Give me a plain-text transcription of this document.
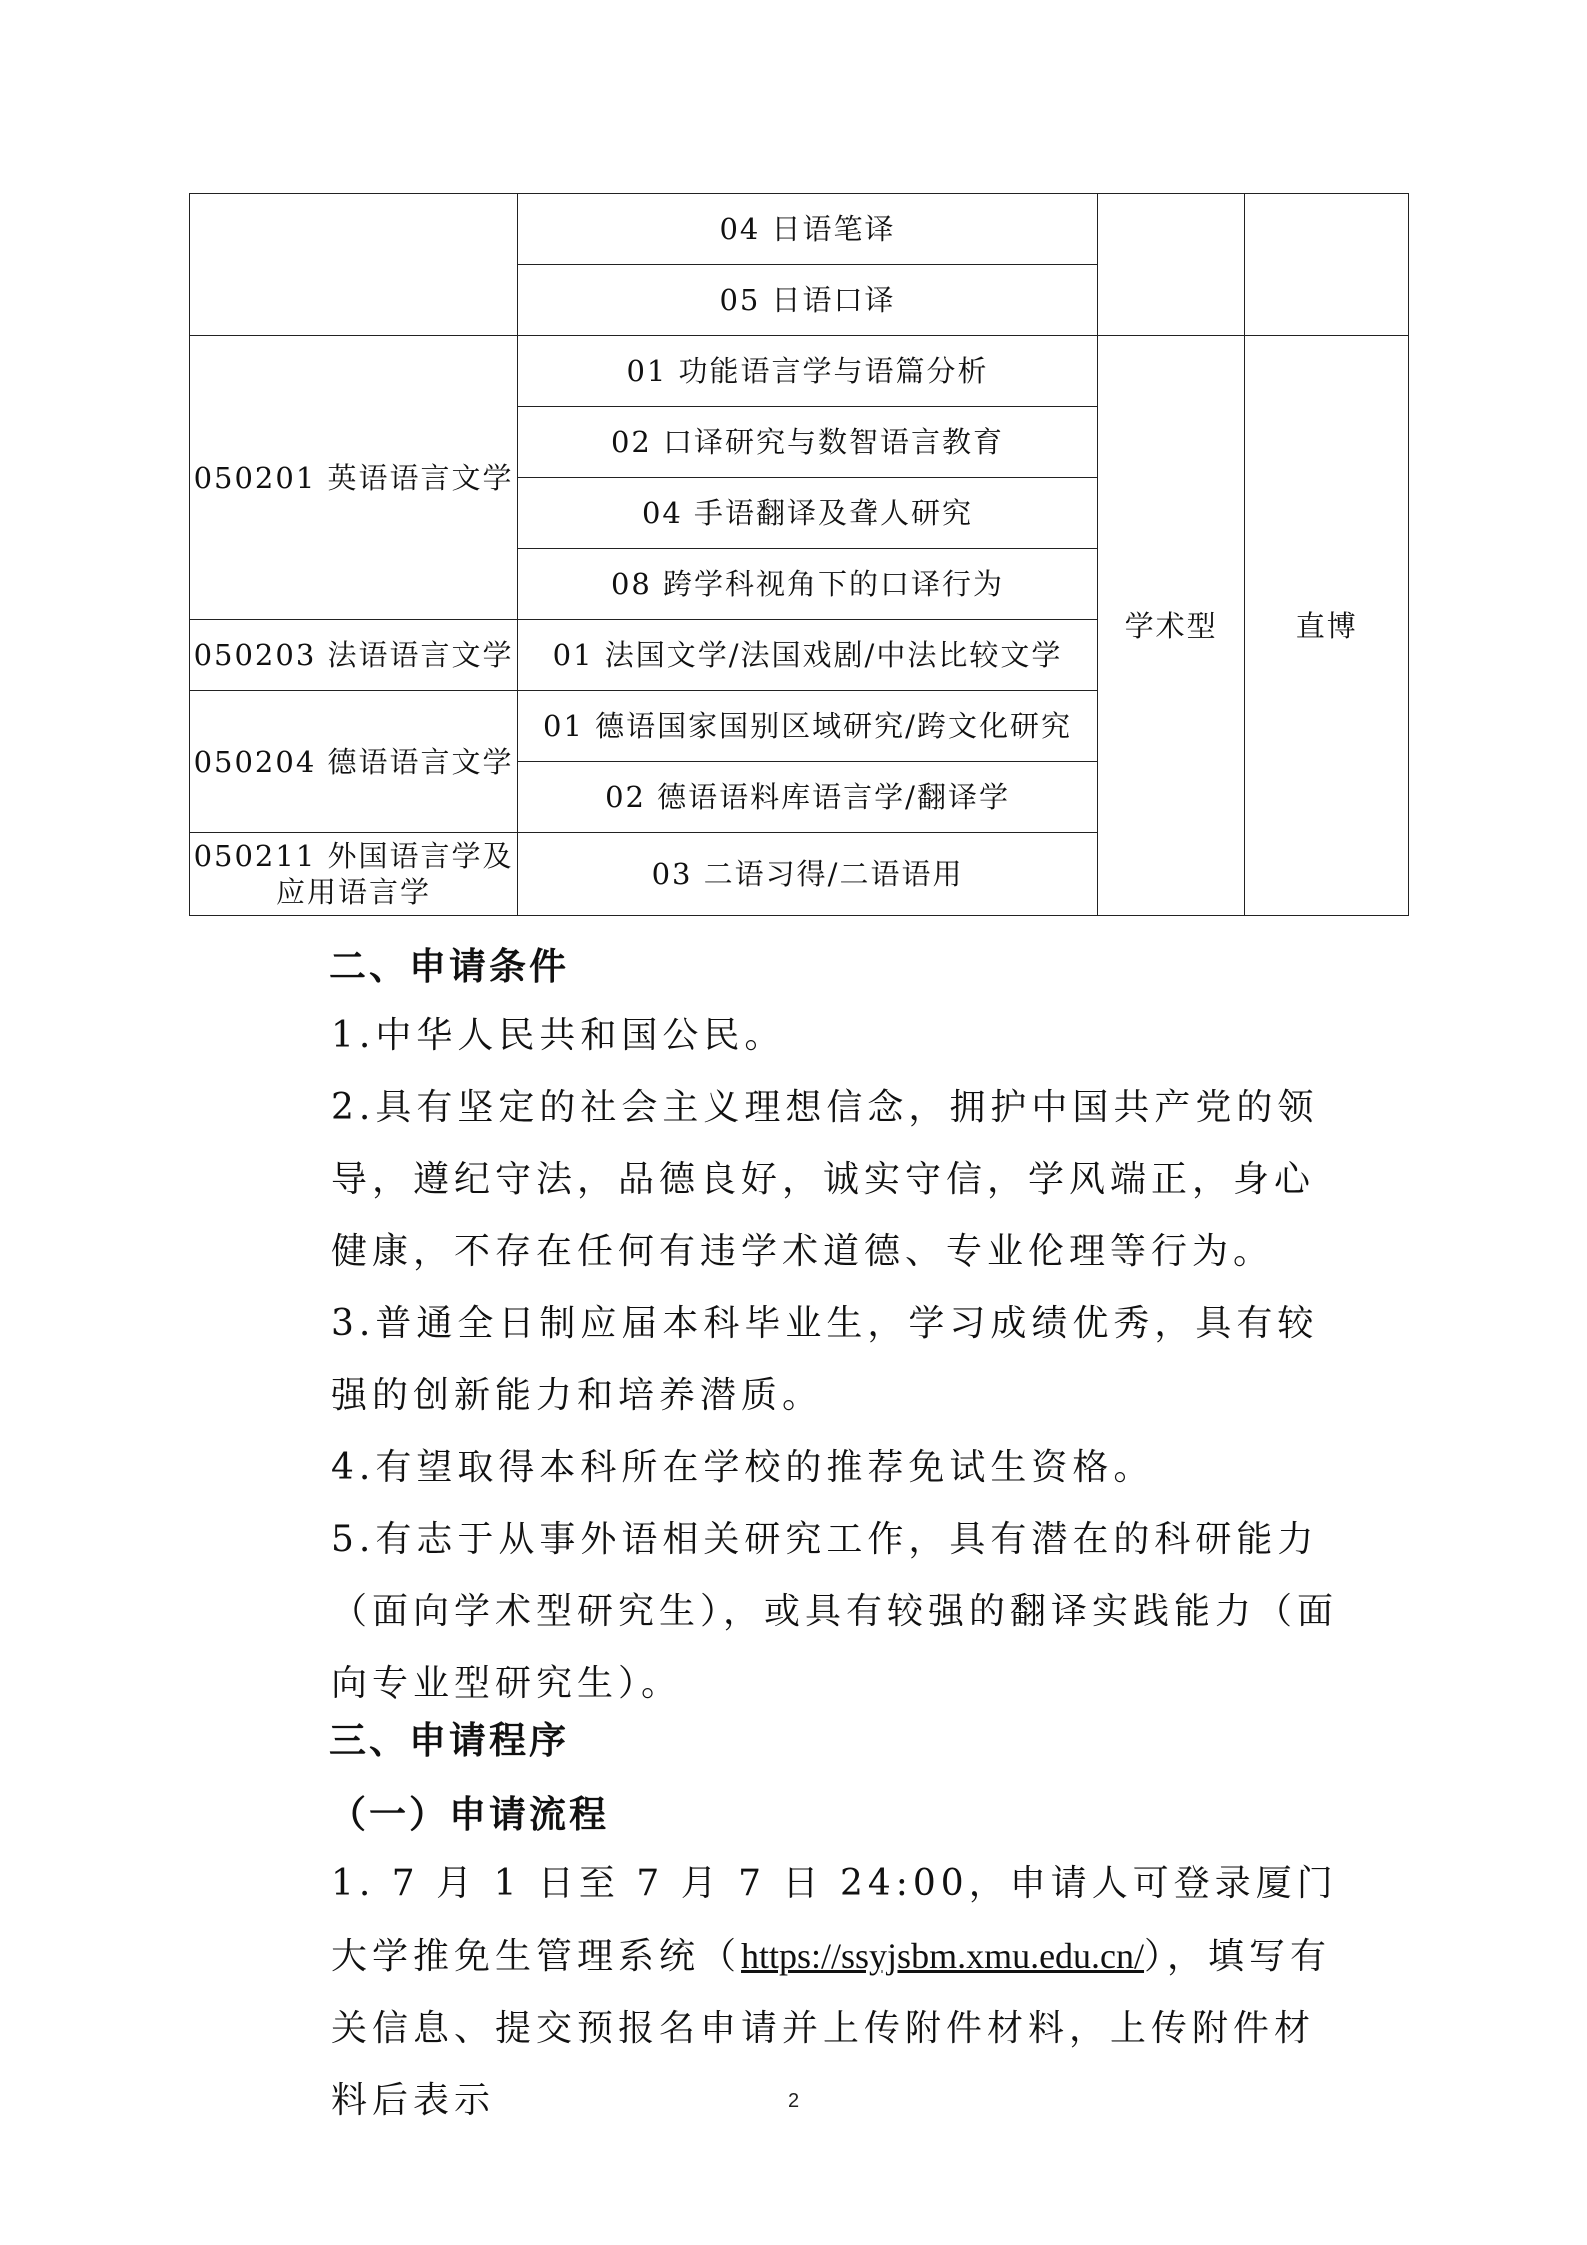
	04 日语笔译		
	05 日语口译		
050201 英语语言文学	01 功能语言学与语篇分析	学术型	直博
	02 口译研究与数智语言教育		
	04 手语翻译及聋人研究		
	08 跨学科视角下的口译行为		
050203 法语语言文学	01 法国文学/法国戏剧/中法比较文学		
050204 德语语言文学	01 德语国家国别区域研究/跨文化研究		
	02 德语语料库语言学/翻译学		

050211 外国语言学及
应用语言学	03 二语习得/二语语用		
二、申请条件
1.中华人民共和国公民。
2.具有坚定的社会主义理想信念，拥护中国共产党的领导，遵纪守法，品德良好，诚实守信，学风端正，身心健康，不存在任何有违学术道德、专业伦理等行为。
3.普通全日制应届本科毕业生，学习成绩优秀，具有较强的创新能力和培养潜质。
4.有望取得本科所在学校的推荐免试生资格。
5.有志于从事外语相关研究工作，具有潜在的科研能力（面向学术型研究生），或具有较强的翻译实践能力（面向专业型研究生）。
三、申请程序
（一）申请流程
1. 7 月 1 日至 7 月 7 日 24:00，申请人可登录厦门大学推免生管理系统（https://ssyjsbm.xmu.edu.cn/），填写有关信息、提交预报名申请并上传附件材料，上传附件材料后表示	2
